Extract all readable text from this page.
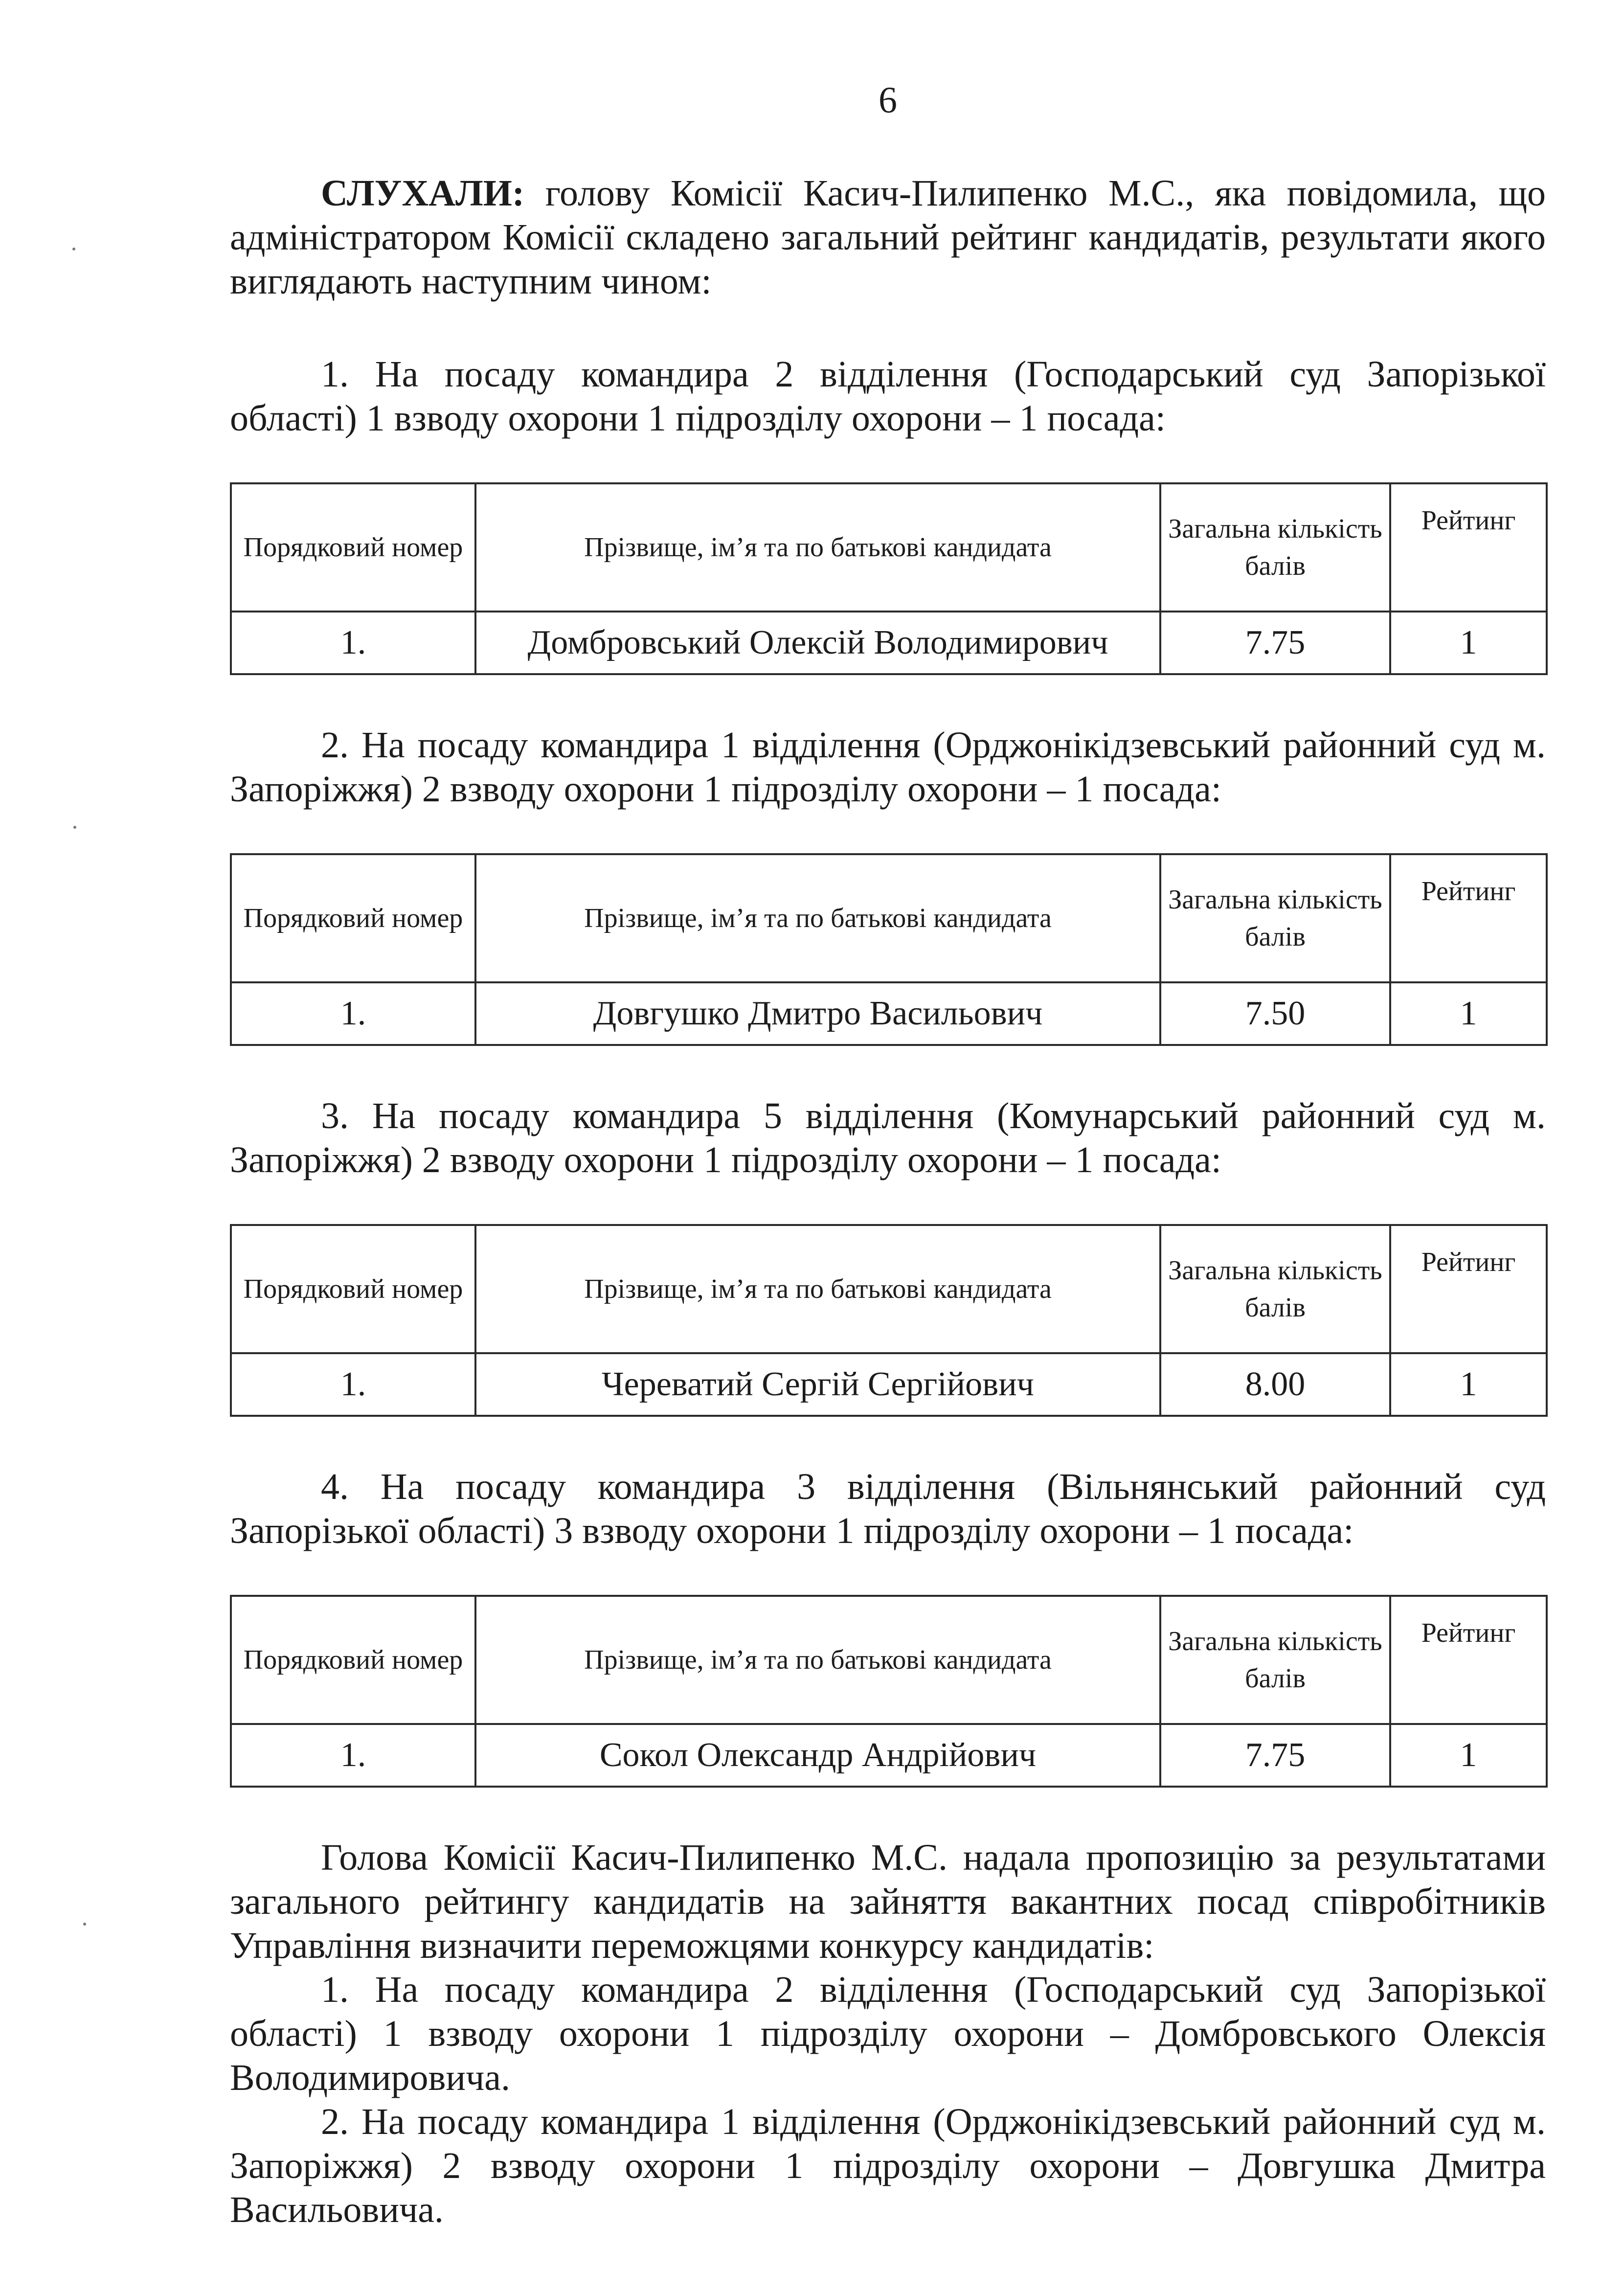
6

СЛУХАЛИ: голову Комісії Касич-Пилипенко М.С., яка повідомила, що адміністратором Комісії складено загальний рейтинг кандидатів, результати якого виглядають наступним чином:

1. На посаду командира 2 відділення (Господарський суд Запорізької області) 1 взводу охорони 1 підрозділу охорони – 1 посада:

Порядковий номер	Прізвище, ім’я та по батькові кандидата	Загальна кількість балів	Рейтинг
1.	Домбровський Олексій Володимирович	7.75	1

2. На посаду командира 1 відділення (Орджонікідзевський районний суд м. Запоріжжя) 2 взводу охорони 1 підрозділу охорони – 1 посада:

Порядковий номер	Прізвище, ім’я та по батькові кандидата	Загальна кількість балів	Рейтинг
1.	Довгушко Дмитро Васильович	7.50	1

3. На посаду командира 5 відділення (Комунарський районний суд м. Запоріжжя) 2 взводу охорони 1 підрозділу охорони – 1 посада:

Порядковий номер	Прізвище, ім’я та по батькові кандидата	Загальна кількість балів	Рейтинг
1.	Череватий Сергій Сергійович	8.00	1

4. На посаду командира 3 відділення (Вільнянський районний суд Запорізької області) 3 взводу охорони 1 підрозділу охорони – 1 посада:

Порядковий номер	Прізвище, ім’я та по батькові кандидата	Загальна кількість балів	Рейтинг
1.	Сокол Олександр Андрійович	7.75	1

Голова Комісії Касич-Пилипенко М.С. надала пропозицію за результатами загального рейтингу кандидатів на зайняття вакантних посад співробітників Управління визначити переможцями конкурсу кандидатів:

1. На посаду командира 2 відділення (Господарський суд Запорізької області) 1 взводу охорони 1 підрозділу охорони – Домбровського Олексія Володимировича.

2. На посаду командира 1 відділення (Орджонікідзевський районний суд м. Запоріжжя) 2 взводу охорони 1 підрозділу охорони – Довгушка Дмитра Васильовича.
